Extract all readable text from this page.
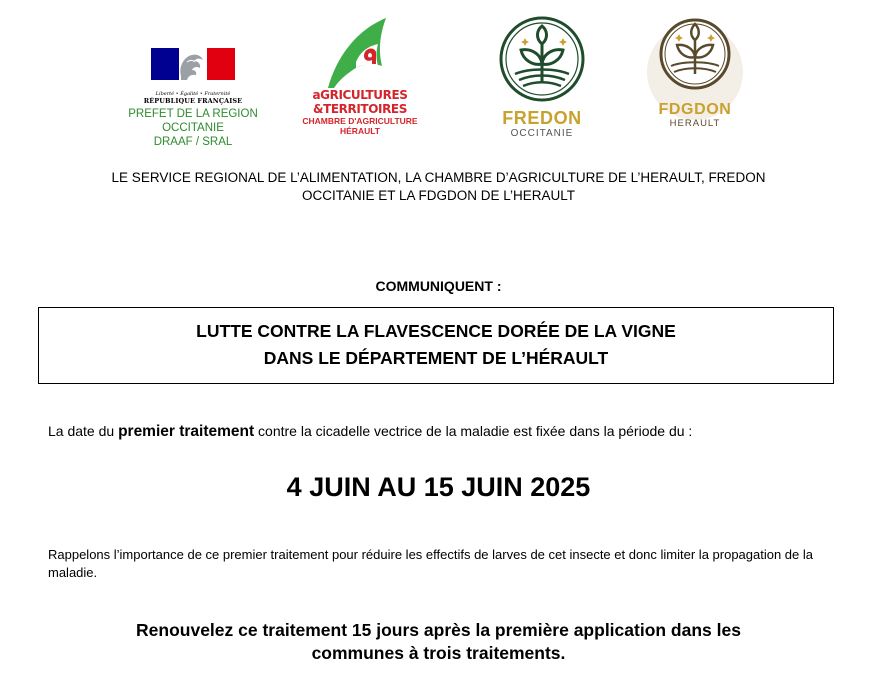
Liberté • Égalité • Fraternité
RÉPUBLIQUE FRANÇAISE
PREFET DE LA REGION
OCCITANIE
DRAAF / SRAL
aGRICULTURES
&TERRITOIRES
CHAMBRE D'AGRICULTURE
HÉRAULT
FREDON
OCCITANIE
FDGDON
HERAULT
LE SERVICE REGIONAL DE L’ALIMENTATION, LA CHAMBRE D’AGRICULTURE DE L’HERAULT, FREDON
OCCITANIE ET LA FDGDON DE L’HERAULT
COMMUNIQUENT :
LUTTE CONTRE LA FLAVESCENCE DORÉE DE LA VIGNE
DANS LE DÉPARTEMENT DE L’HÉRAULT
La date du premier traitement contre la cicadelle vectrice de la maladie est fixée dans la période du :
4 JUIN AU 15 JUIN 2025
Rappelons l’importance de ce premier traitement pour réduire les effectifs de larves de cet insecte et donc limiter la propagation de la maladie.
Renouvelez ce traitement 15 jours après la première application dans les
communes à trois traitements.
